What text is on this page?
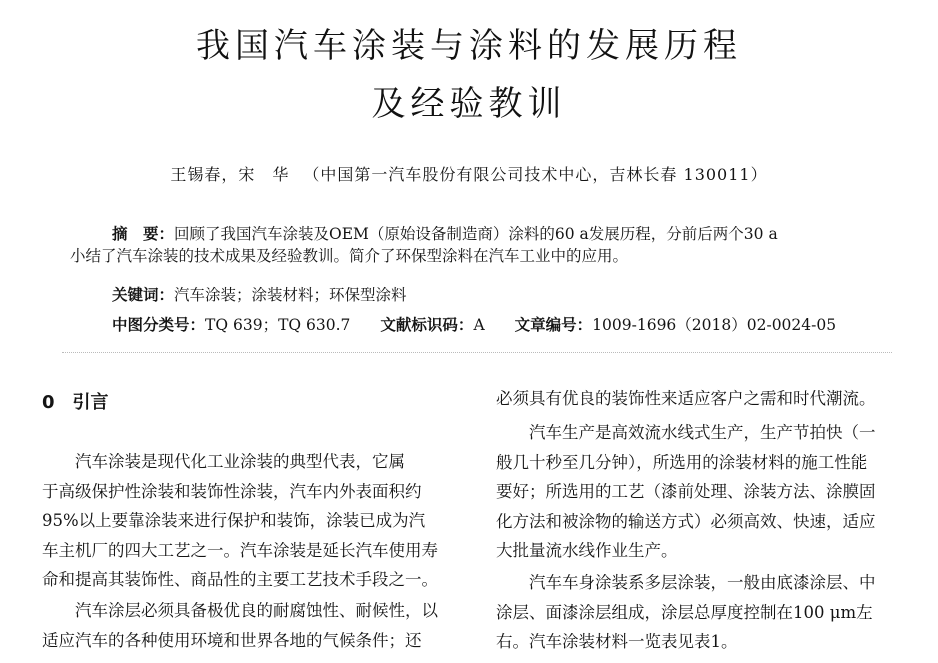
我国汽车涂装与涂料的发展历程
及经验教训
王锡春，宋　华 （中国第一汽车股份有限公司技术中心，吉林长春 130011）
摘　要：回顾了我国汽车涂装及OEM（原始设备制造商）涂料的60 a发展历程，分前后两个30 a
小结了汽车涂装的技术成果及经验教训。简介了环保型涂料在汽车工业中的应用。
关键词：汽车涂装；涂装材料；环保型涂料
中图分类号：TQ 639；TQ 630.7 文献标识码：A 文章编号：1009-1696（2018）02-0024-05
0 引言
汽车涂装是现代化工业涂装的典型代表，它属
于高级保护性涂装和装饰性涂装，汽车内外表面积约
95%以上要靠涂装来进行保护和装饰，涂装已成为汽
车主机厂的四大工艺之一。汽车涂装是延长汽车使用寿
命和提高其装饰性、商品性的主要工艺技术手段之一。
汽车涂层必须具备极优良的耐腐蚀性、耐候性，以
适应汽车的各种使用环境和世界各地的气候条件；还
必须具有优良的装饰性来适应客户之需和时代潮流。
汽车生产是高效流水线式生产，生产节拍快（一
般几十秒至几分钟），所选用的涂装材料的施工性能
要好；所选用的工艺（漆前处理、涂装方法、涂膜固
化方法和被涂物的输送方式）必须高效、快速，适应
大批量流水线作业生产。
汽车车身涂装系多层涂装，一般由底漆涂层、中
涂层、面漆涂层组成，涂层总厚度控制在100 μm左
右。汽车涂装材料一览表见表1。
